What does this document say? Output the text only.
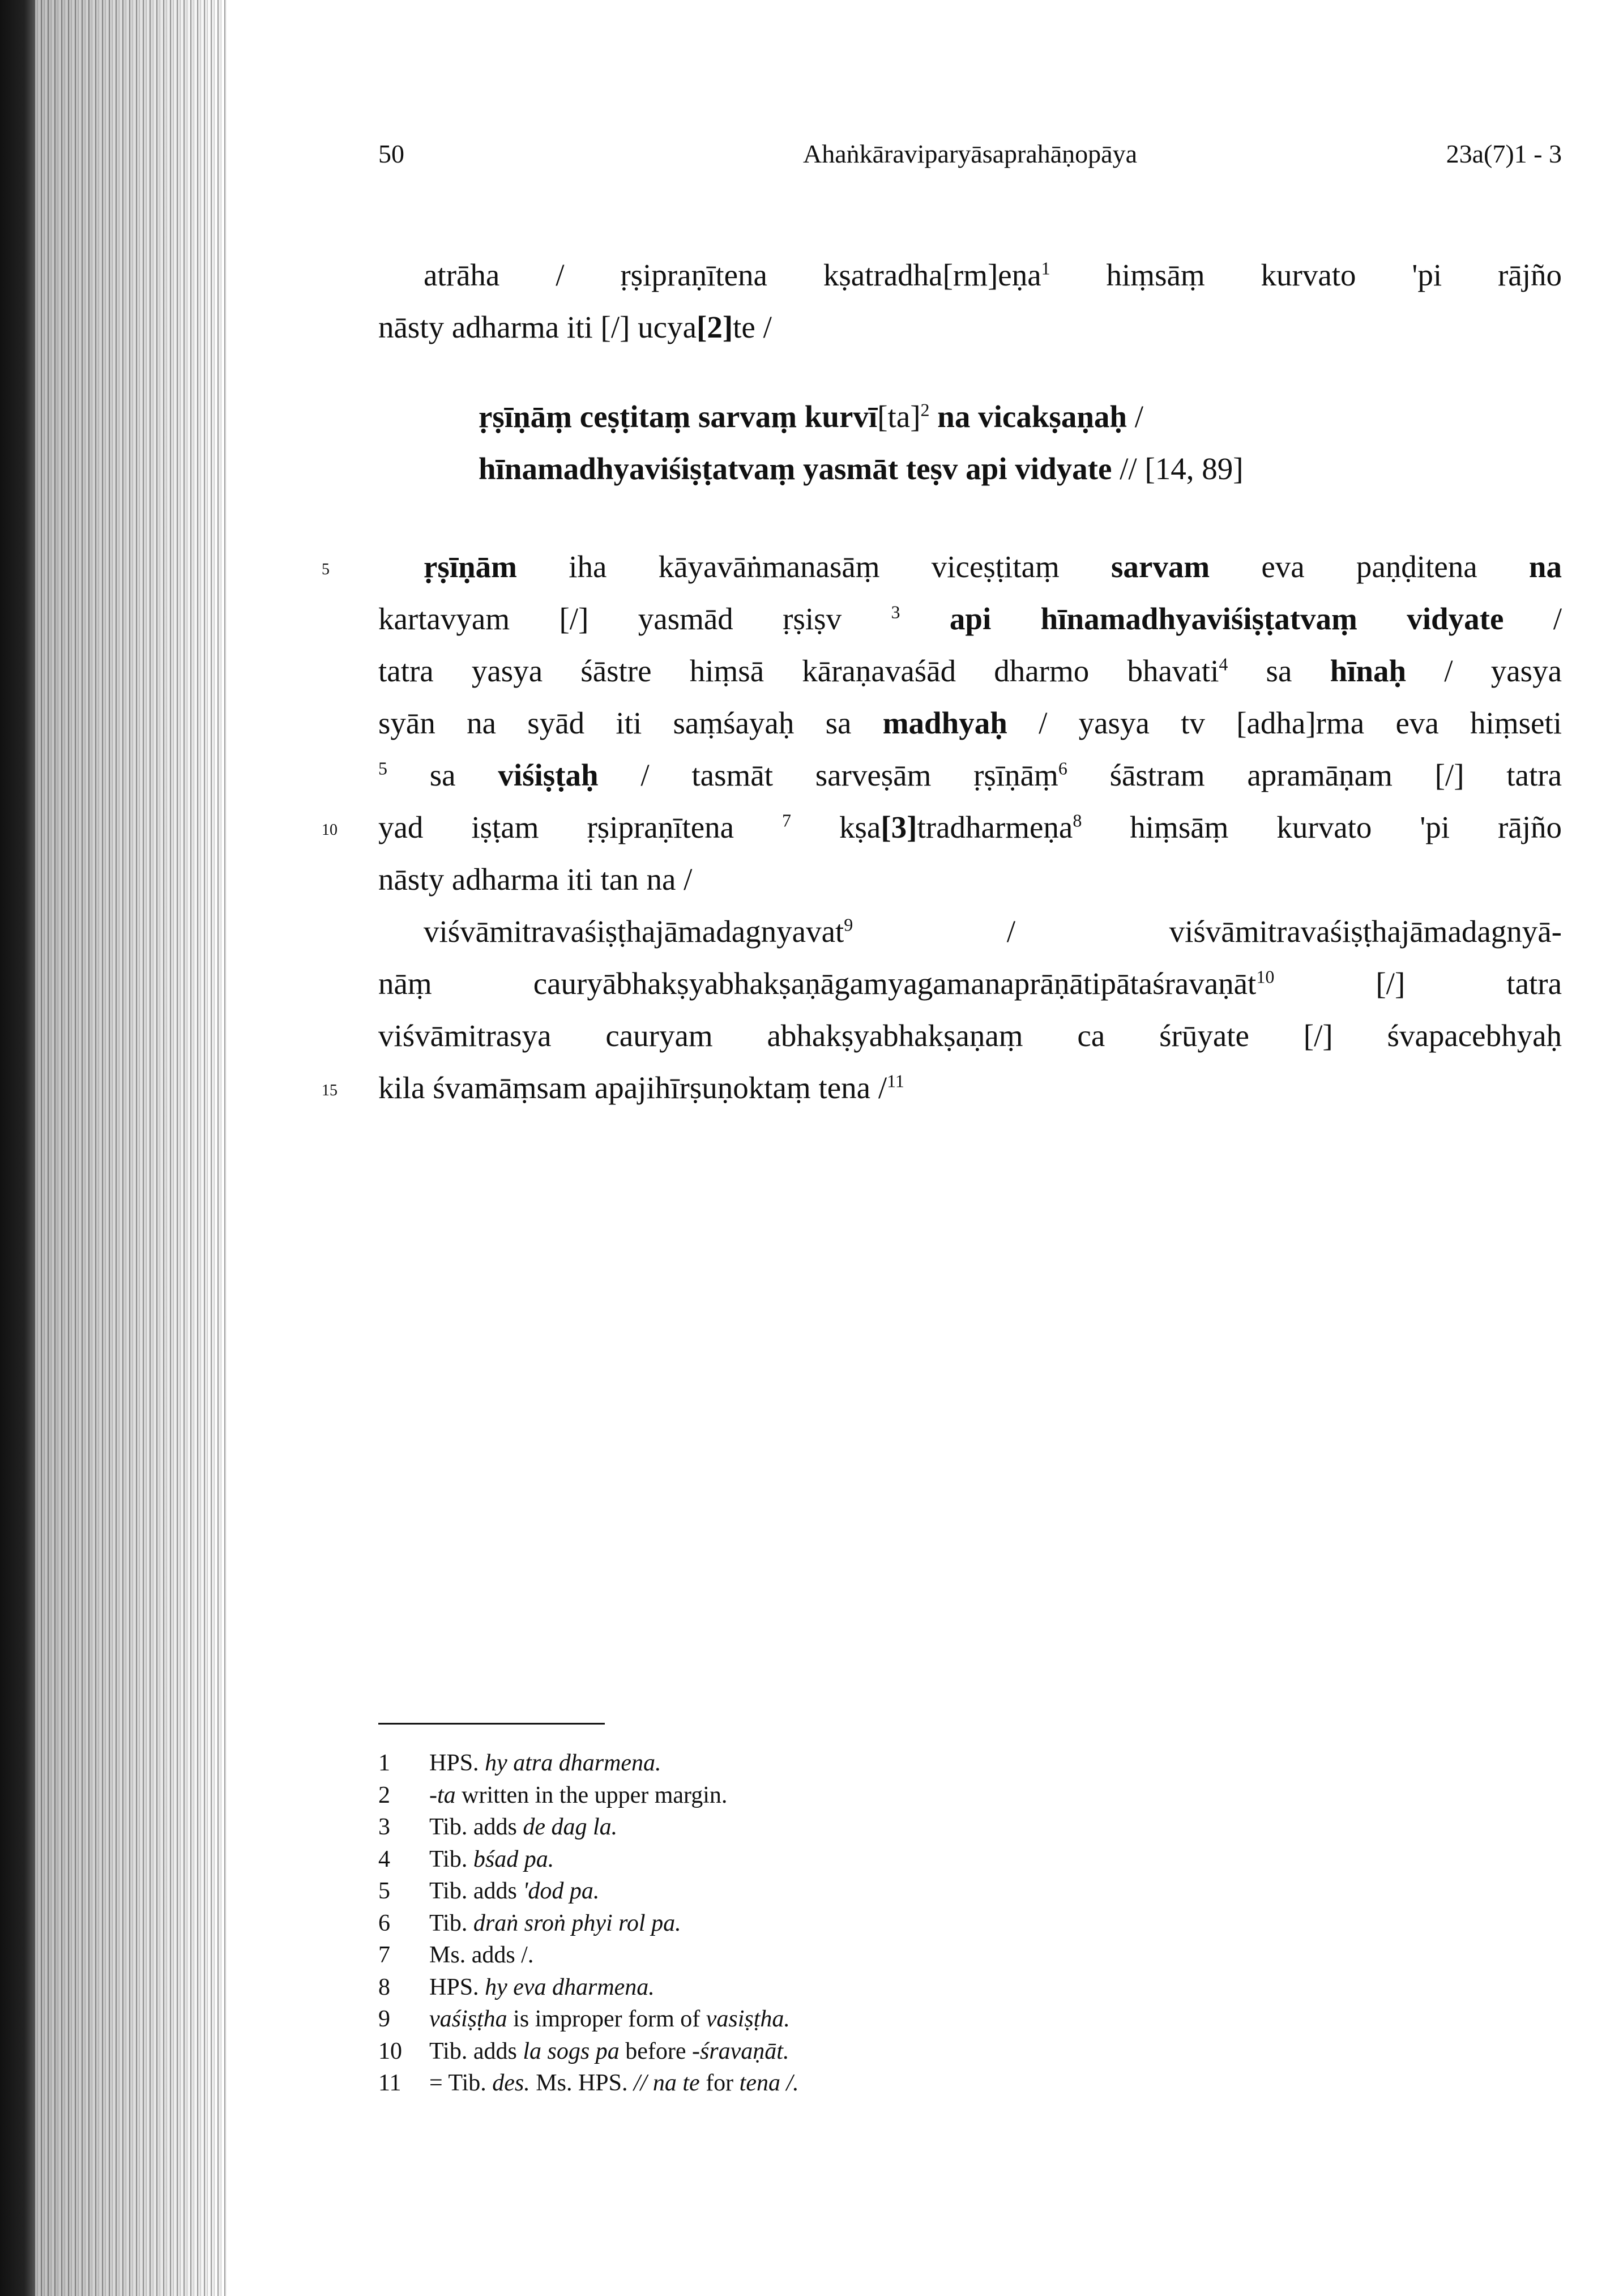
50	Ahaṅkāraviparyāsaprahāṇopāya	23a(7)1 - 3
atrāha / ṛṣipraṇītena kṣatradha[rm]eṇa$^1$ hiṃsāṃ kurvato 'pi rājño
nāsty adharma iti [/] ucya[2]te /
ṛṣīṇāṃ ceṣṭitaṃ sarvaṃ kurvī[ta]$^2$ na vicakṣaṇaḥ /
hīnamadhyaviśiṣṭatvaṃ yasmāt teṣv api vidyate // [14, 89]
ṛṣīṇām iha kāyavāṅmanasāṃ viceṣṭitaṃ sarvam eva paṇḍitena na
kartavyam [/] yasmād ṛṣiṣv $^3$ api hīnamadhyaviśiṣṭatvaṃ vidyate /
tatra yasya śāstre hiṃsā kāraṇavaśād dharmo bhavati$^4$ sa hīnaḥ / yasya
syān na syād iti saṃśayaḥ sa madhyaḥ / yasya tv [adha]rma eva hiṃseti
$^5$ sa viśiṣṭaḥ / tasmāt sarveṣām ṛṣīṇāṃ$^6$ śāstram apramāṇam [/] tatra
yad iṣṭam ṛṣipraṇītena $^7$ kṣa[3]tradharmeṇa$^8$ hiṃsāṃ kurvato 'pi rājño
nāsty adharma iti tan na /
viśvāmitravaśiṣṭhajāmadagnyavat$^9$ / viśvāmitravaśiṣṭhajāmadagnyā-
nāṃ cauryābhakṣyabhakṣaṇāgamyagamanaprāṇātipātaśravaṇāt$^{10}$ [/] tatra
viśvāmitrasya cauryam abhakṣyabhakṣaṇaṃ ca śrūyate [/] śvapacebhyaḥ
kila śvamāṃsam apajihīrṣuṇoktaṃ tena /$^{11}$
5
10
15
1 HPS. hy atra dharmena.
2 -ta written in the upper margin.
3 Tib. adds de dag la.
4 Tib. bśad pa.
5 Tib. adds 'dod pa.
6 Tib. draṅ sroṅ phyi rol pa.
7 Ms. adds /.
8 HPS. hy eva dharmena.
9 vaśiṣṭha is improper form of vasiṣṭha.
10 Tib. adds la sogs pa before -śravaṇāt.
11 = Tib. des. Ms. HPS. // na te for tena /.
